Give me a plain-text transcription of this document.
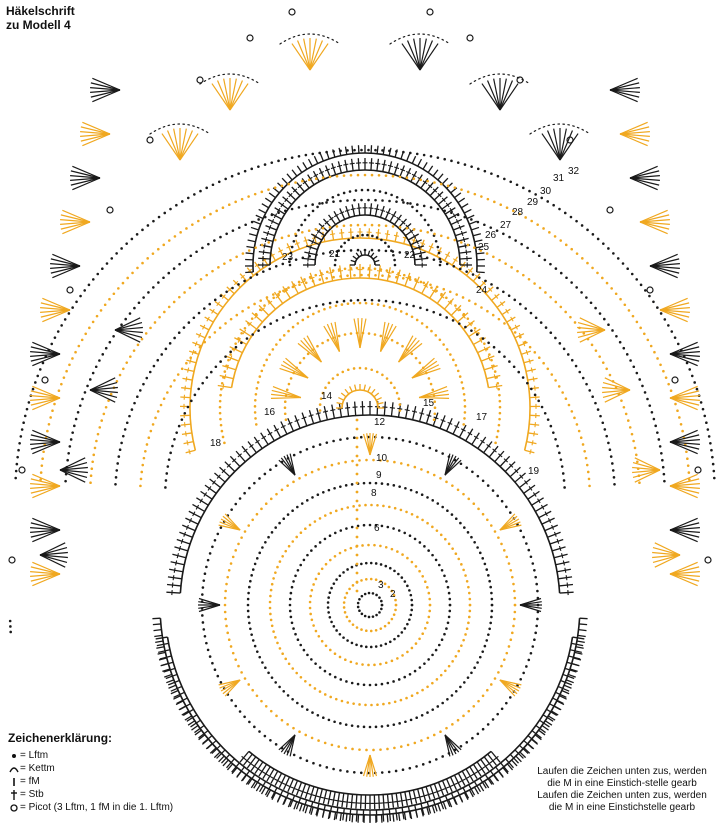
2
3
6
8
9
10
12
14
15
16	17
18
19
21	22
23
24
25
26
27
28
29
30
31
32
Häkelschrift
zu Modell 4
Zeichenerklärung:
= Lftm
= Kettm
= fM
= Stb
= Picot (3 Lftm, 1 fM in die 1. Lftm)
Laufen die Zeichen unten zus, werden die M in eine Einstich-stelle gearb Laufen die Zeichen unten zus, werden die M in eine Einstichstelle gearb
